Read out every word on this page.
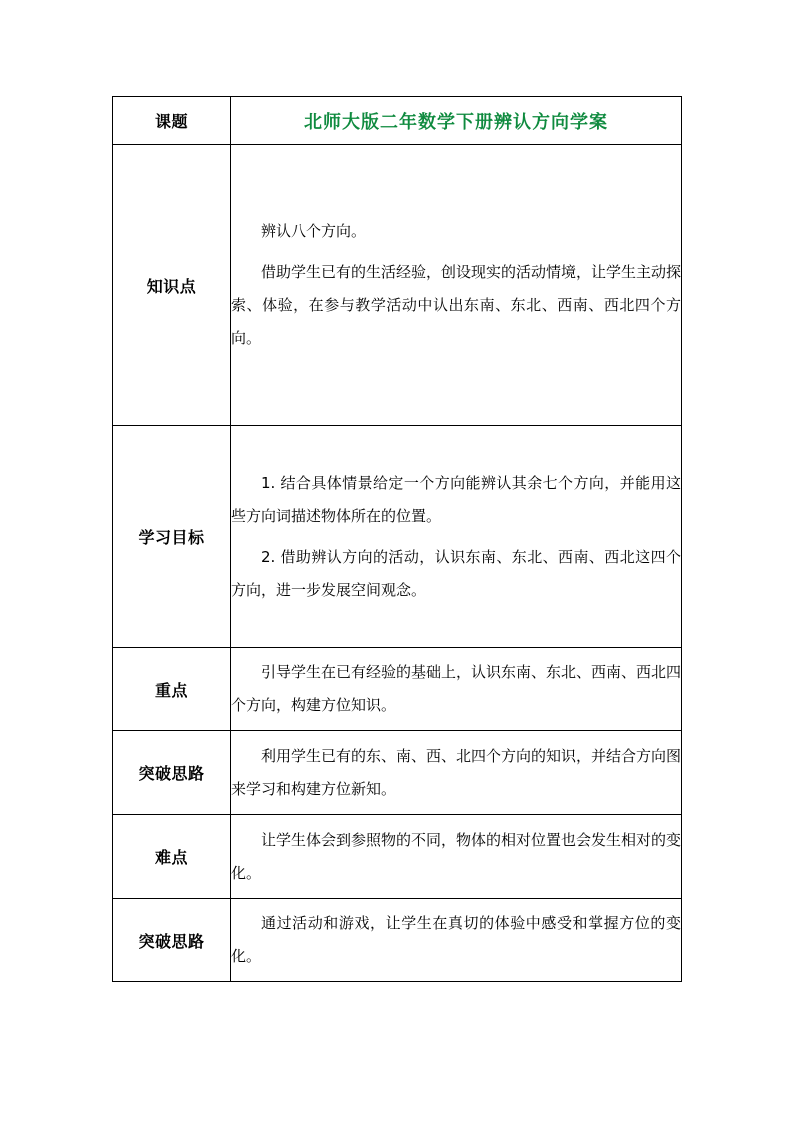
课题	北师大版二年数学下册辨认方向学案
知识点	辨认八个方向。

借助学生已有的生活经验，创设现实的活动情境，让学生主动探索、体验，在参与教学活动中认出东南、东北、西南、西北四个方向。

学习目标	1. 结合具体情景给定一个方向能辨认其余七个方向，并能用这些方向词描述物体所在的位置。

2. 借助辨认方向的活动，认识东南、东北、西南、西北这四个方向，进一步发展空间观念。

重点	引导学生在已有经验的基础上，认识东南、东北、西南、西北四个方向，构建方位知识。

突破思路	利用学生已有的东、南、西、北四个方向的知识，并结合方向图来学习和构建方位新知。

难点	让学生体会到参照物的不同，物体的相对位置也会发生相对的变化。

突破思路	通过活动和游戏，让学生在真切的体验中感受和掌握方位的变化。
